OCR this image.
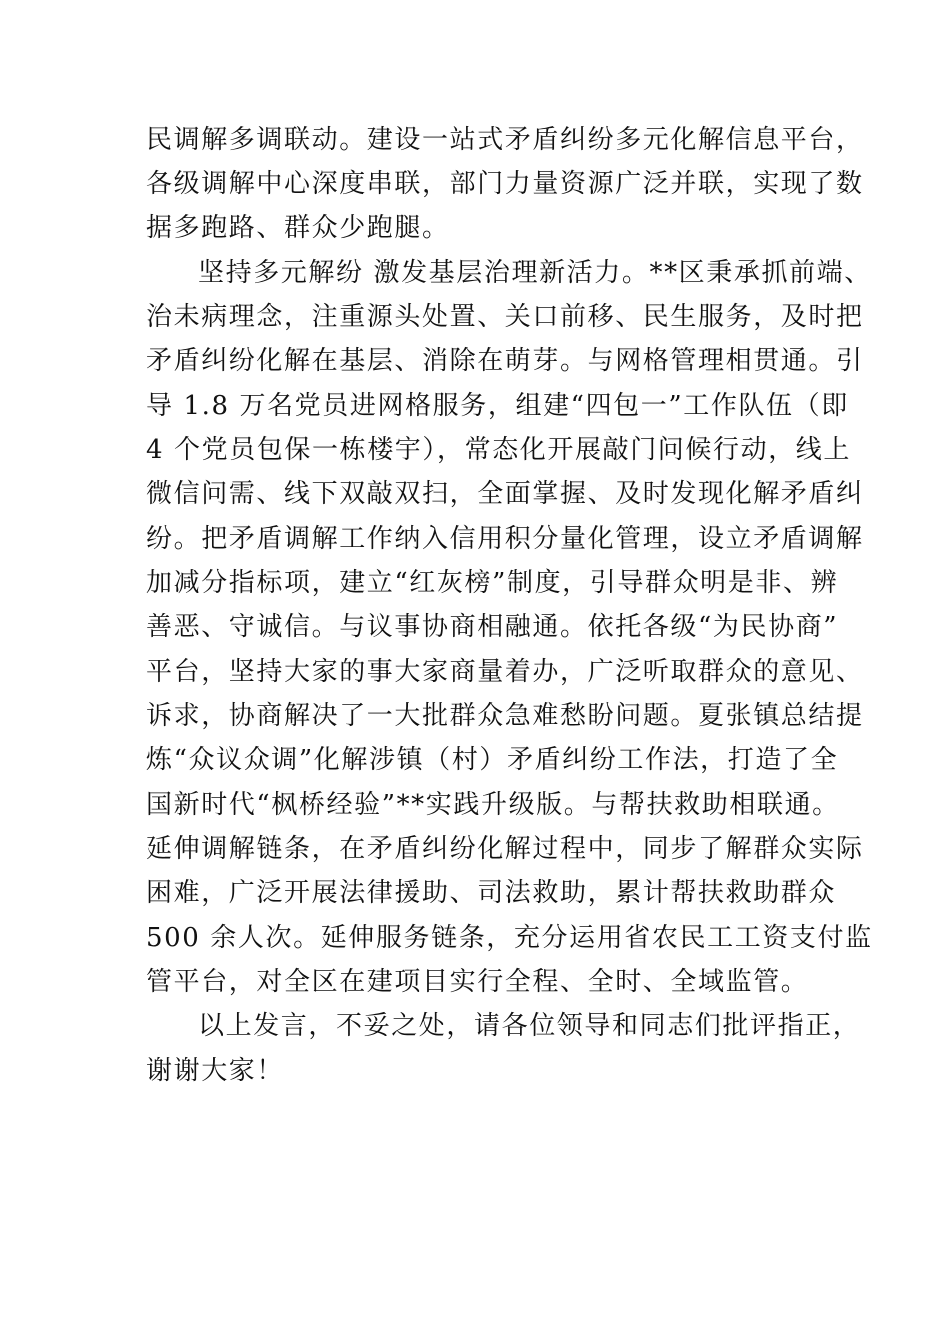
民调解多调联动。建设一站式矛盾纠纷多元化解信息平台，
各级调解中心深度串联，部门力量资源广泛并联，实现了数
据多跑路、群众少跑腿。
坚持多元解纷 激发基层治理新活力。**区秉承抓前端、
治未病理念，注重源头处置、关口前移、民生服务，及时把
矛盾纠纷化解在基层、消除在萌芽。与网格管理相贯通。引
导 1.8 万名党员进网格服务，组建“四包一”工作队伍（即
4 个党员包保一栋楼宇），常态化开展敲门问候行动，线上
微信问需、线下双敲双扫，全面掌握、及时发现化解矛盾纠
纷。把矛盾调解工作纳入信用积分量化管理，设立矛盾调解
加减分指标项，建立“红灰榜”制度，引导群众明是非、辨
善恶、守诚信。与议事协商相融通。依托各级“为民协商”
平台，坚持大家的事大家商量着办，广泛听取群众的意见、
诉求，协商解决了一大批群众急难愁盼问题。夏张镇总结提
炼“众议众调”化解涉镇（村）矛盾纠纷工作法，打造了全
国新时代“枫桥经验”**实践升级版。与帮扶救助相联通。
延伸调解链条，在矛盾纠纷化解过程中，同步了解群众实际
困难，广泛开展法律援助、司法救助，累计帮扶救助群众
500 余人次。延伸服务链条，充分运用省农民工工资支付监
管平台，对全区在建项目实行全程、全时、全域监管。
以上发言，不妥之处，请各位领导和同志们批评指正，
谢谢大家！
